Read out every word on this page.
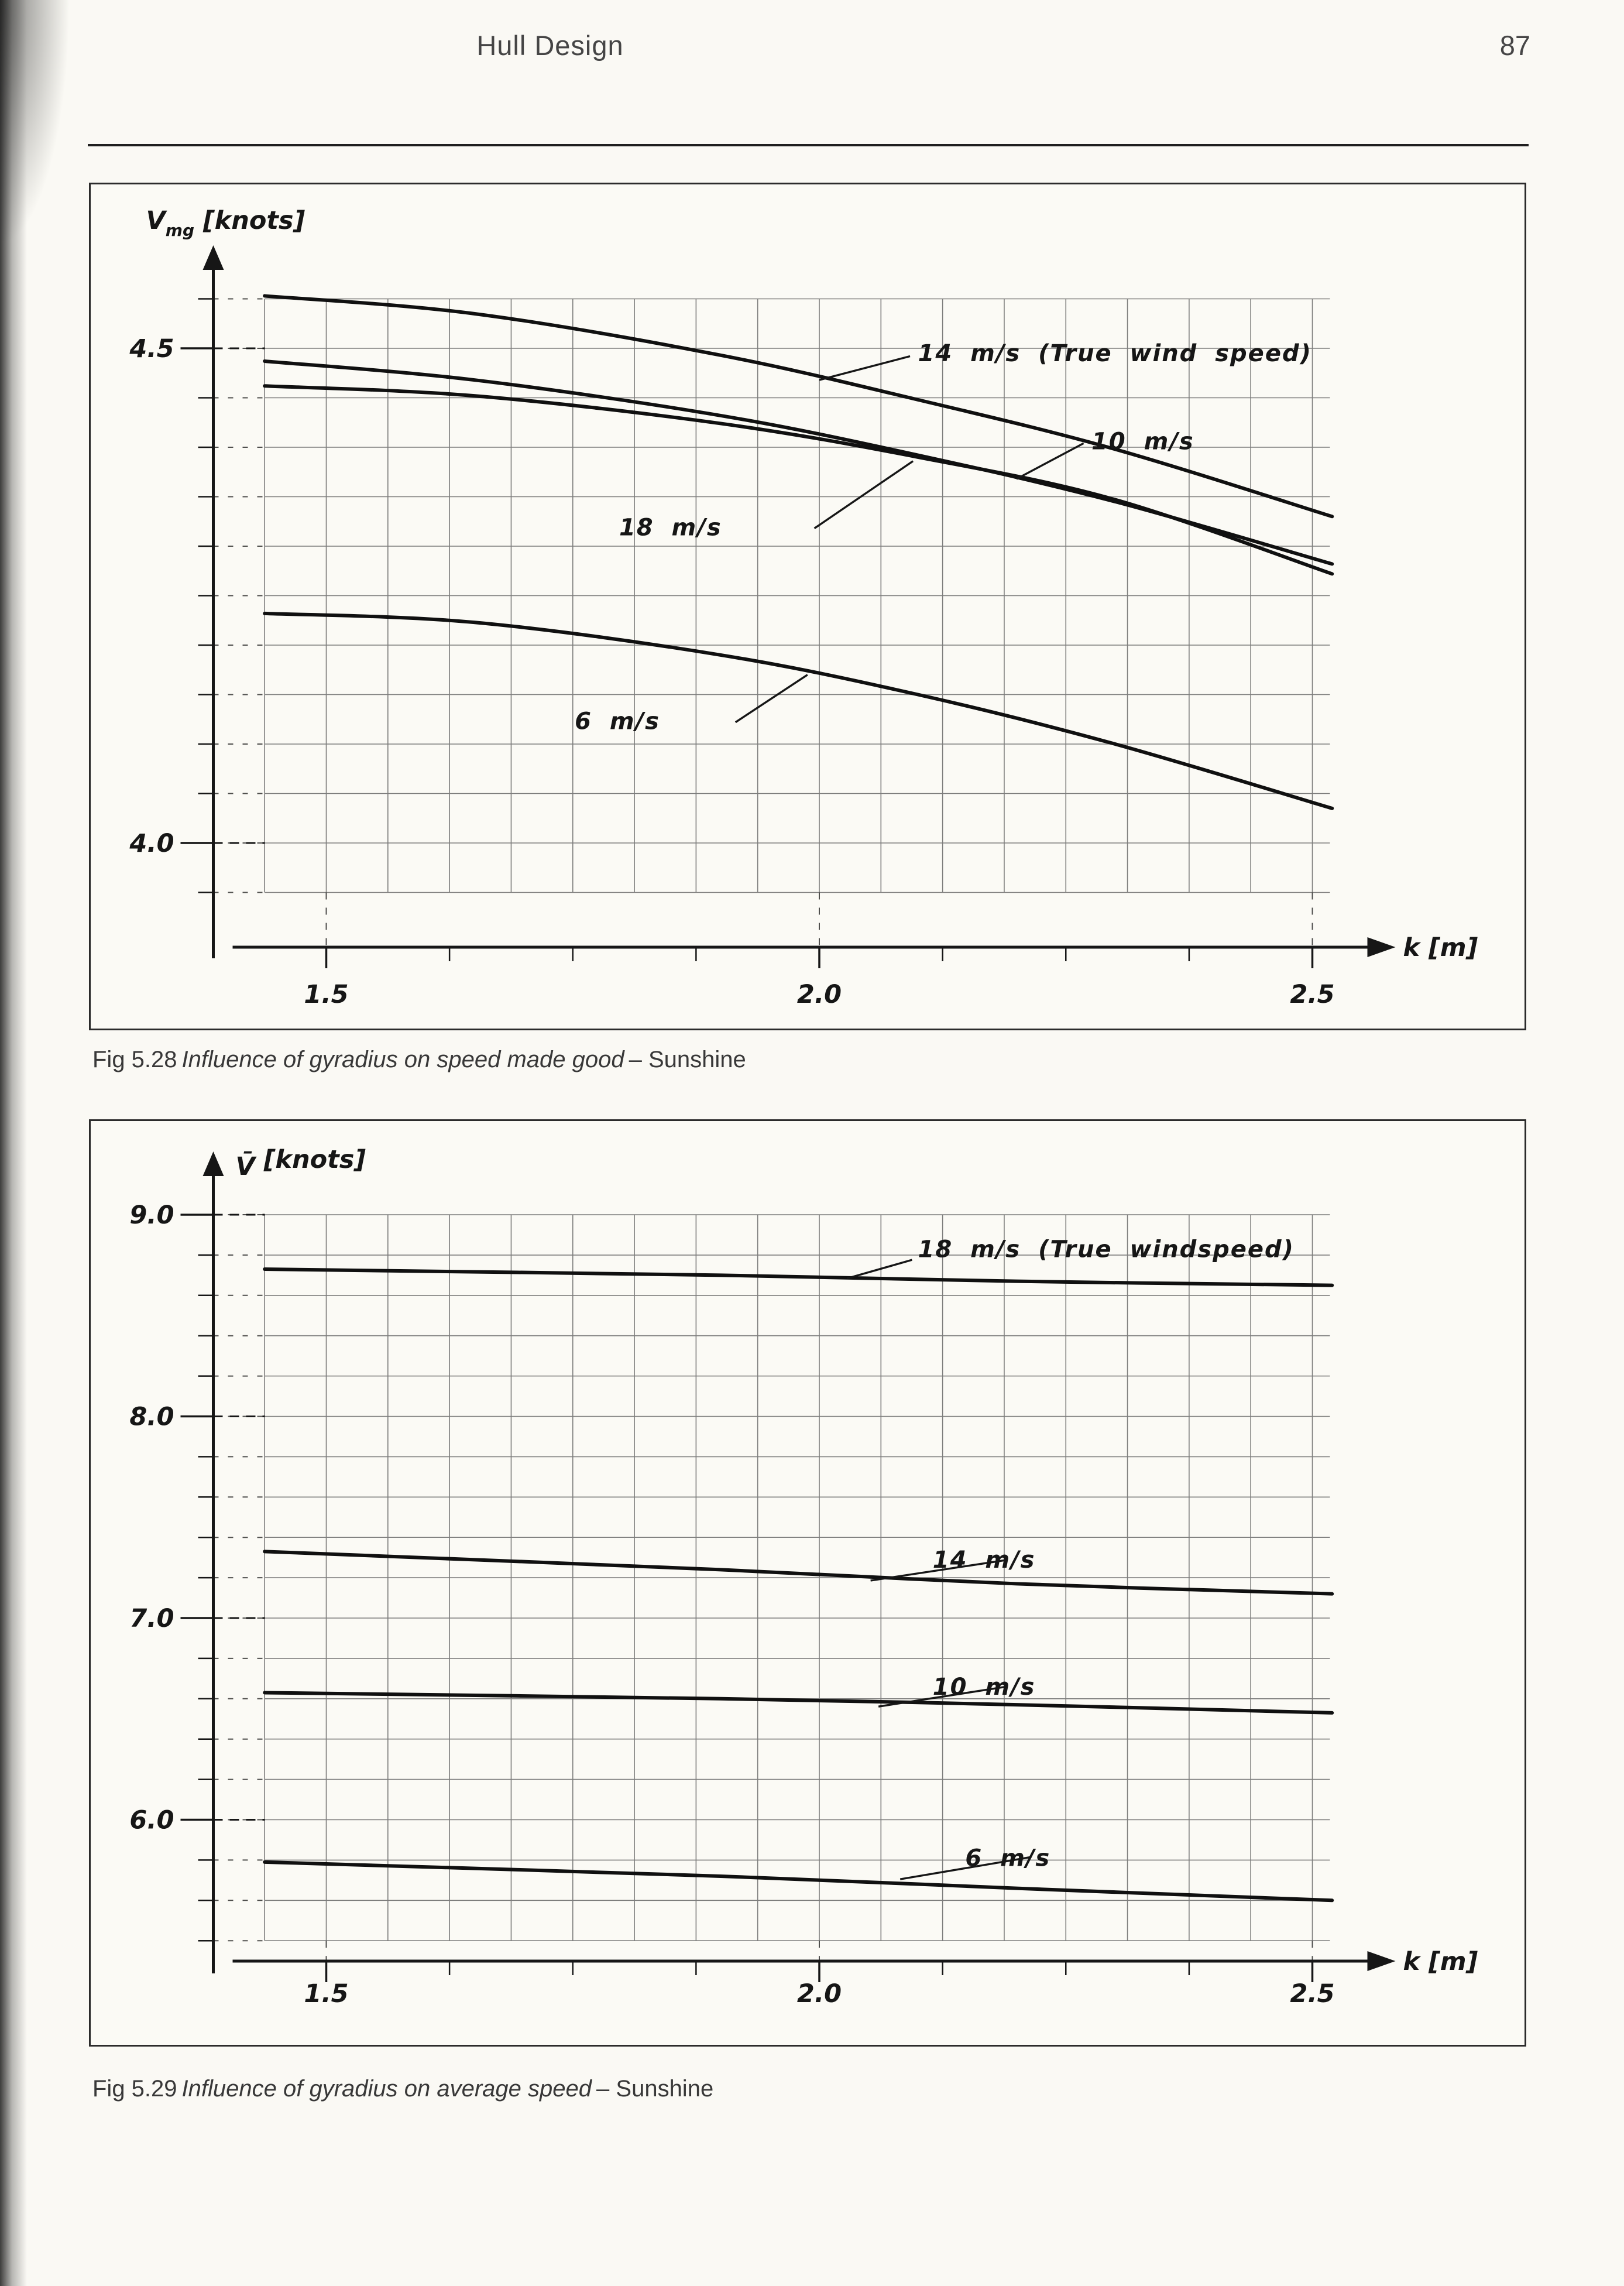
Hull Design	87
4.5
4.0
1.5	2.0	2.5
$V_{mg}$ [knots]
k [m]
14 m/s (True wind speed)
10 m/s
18 m/s
6 m/s
Fig 5.28 Influence of gyradius on speed made good – Sunshine
9.0
8.0
7.0
6.0
1.5	2.0	2.5
V̄ [knots]
k [m]
18 m/s (True windspeed)
14 m/s
10 m/s
6 m/s
Fig 5.29 Influence of gyradius on average speed – Sunshine
